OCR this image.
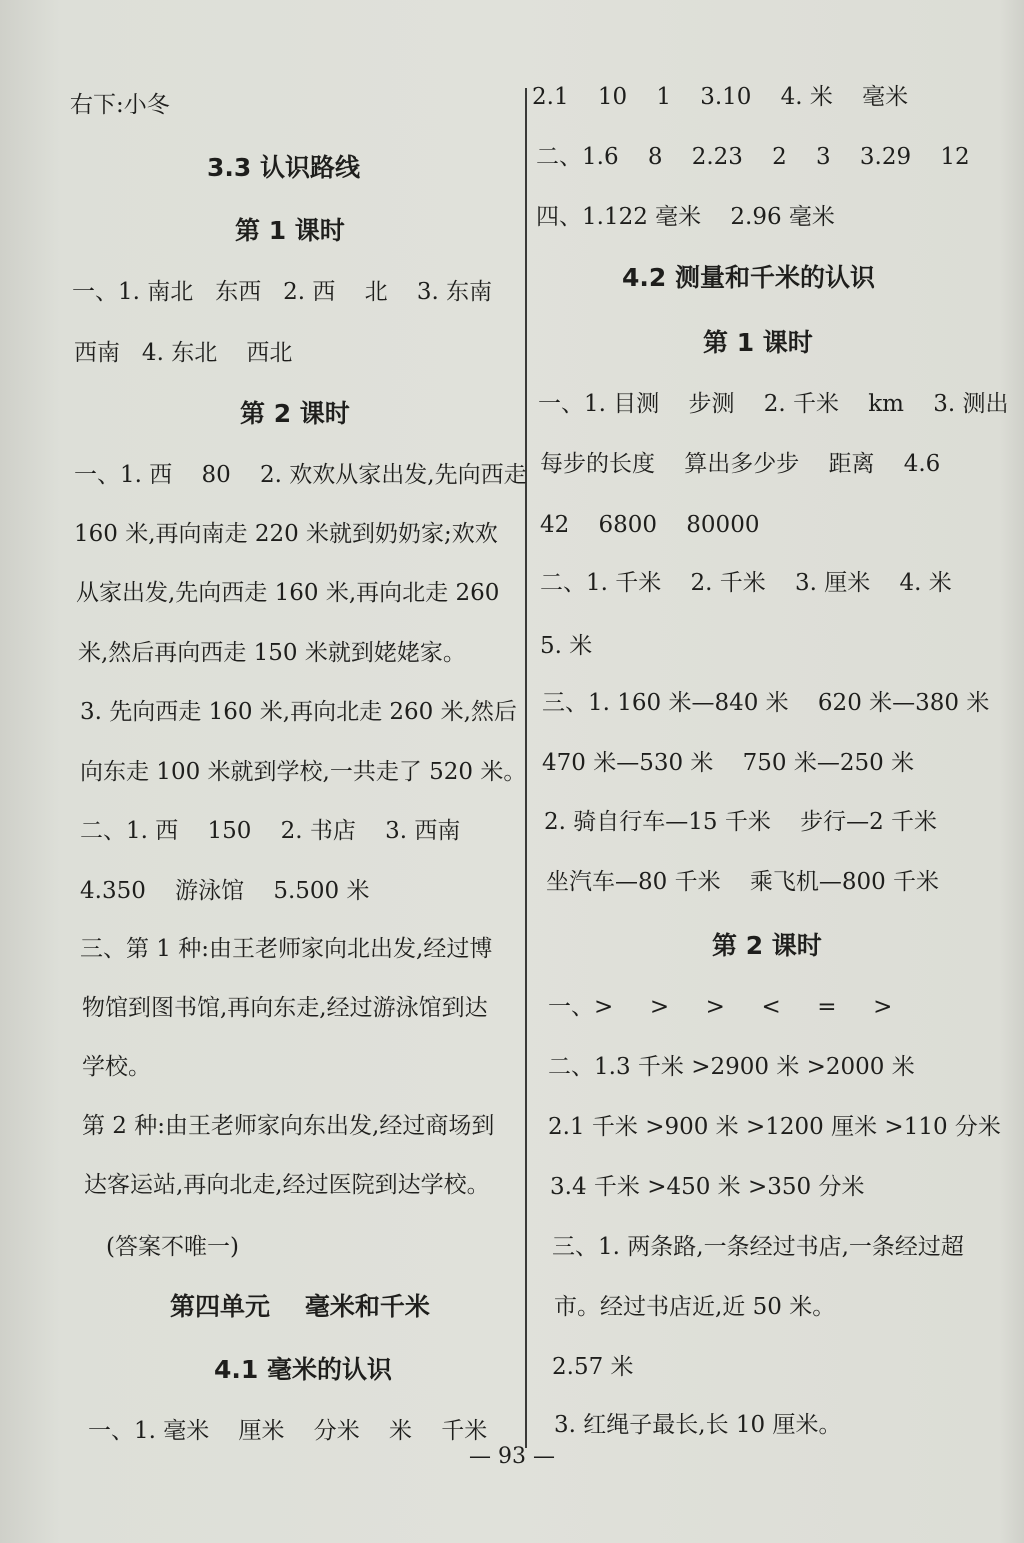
右下:小冬
3.3 认识路线
第 1 课时
一、1. 南北   东西   2. 西    北    3. 东南
西南   4. 东北    西北
第 2 课时
一、1. 西    80    2. 欢欢从家出发,先向西走
160 米,再向南走 220 米就到奶奶家;欢欢
从家出发,先向西走 160 米,再向北走 260
米,然后再向西走 150 米就到姥姥家。
3. 先向西走 160 米,再向北走 260 米,然后
向东走 100 米就到学校,一共走了 520 米。
二、1. 西    150    2. 书店    3. 西南
4.350    游泳馆    5.500 米
三、第 1 种:由王老师家向北出发,经过博
物馆到图书馆,再向东走,经过游泳馆到达
学校。
第 2 种:由王老师家向东出发,经过商场到
达客运站,再向北走,经过医院到达学校。
(答案不唯一)
第四单元    毫米和千米
4.1 毫米的认识
一、1. 毫米    厘米    分米    米    千米
2.1    10    1    3.10    4. 米    毫米
二、1.6    8    2.23    2    3    3.29    12
四、1.122 毫米    2.96 毫米
4.2 测量和千米的认识
第 1 课时
一、1. 目测    步测    2. 千米    km    3. 测出
每步的长度    算出多少步    距离    4.6
42    6800    80000
二、1. 千米    2. 千米    3. 厘米    4. 米
5. 米
三、1. 160 米—840 米    620 米—380 米
470 米—530 米    750 米—250 米
2. 骑自行车—15 千米    步行—2 千米
坐汽车—80 千米    乘飞机—800 千米
第 2 课时
一、>     >     >     <     =     >
二、1.3 千米 >2900 米 >2000 米
2.1 千米 >900 米 >1200 厘米 >110 分米
3.4 千米 >450 米 >350 分米
三、1. 两条路,一条经过书店,一条经过超
市。经过书店近,近 50 米。
2.57 米
3. 红绳子最长,长 10 厘米。
— 93 —
